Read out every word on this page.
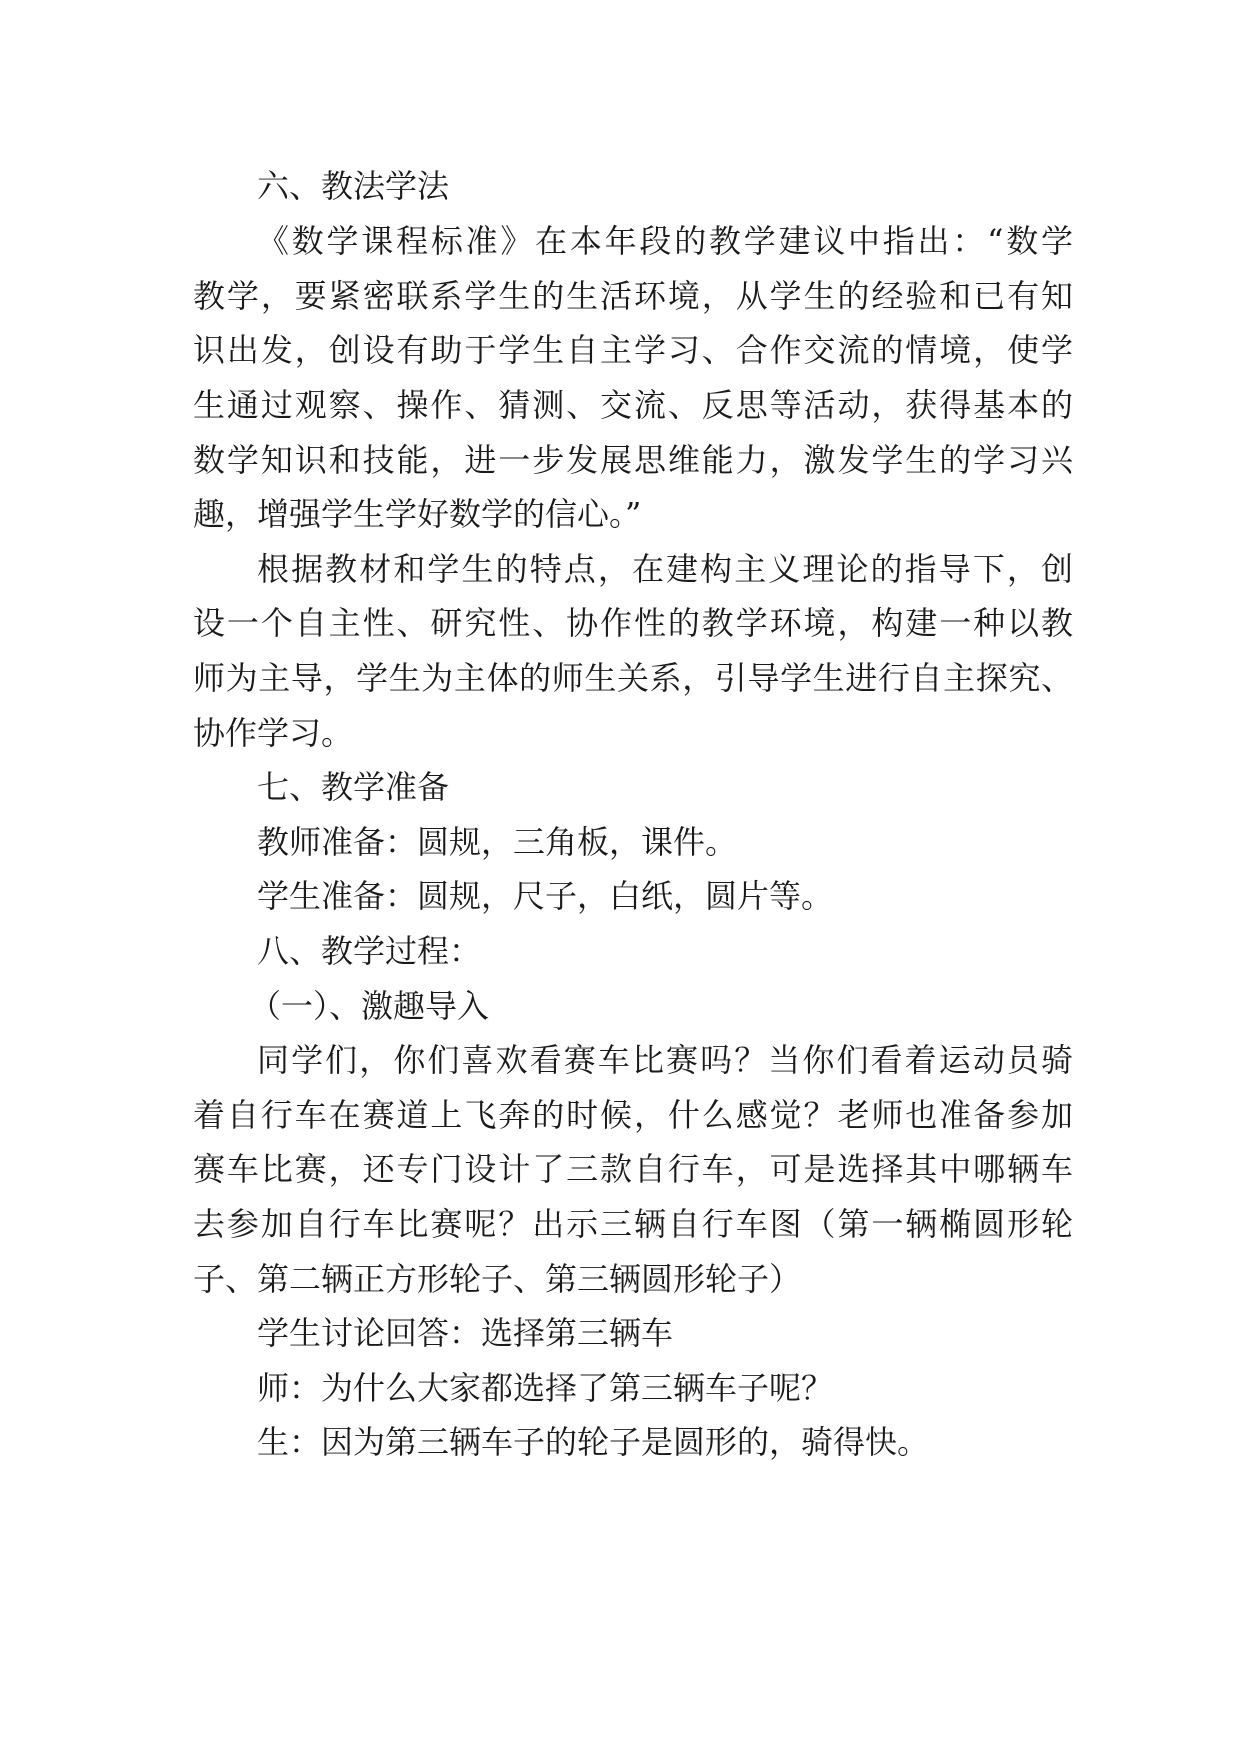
六、教法学法
《数学课程标准》在本年段的教学建议中指出：“数学
教学，要紧密联系学生的生活环境，从学生的经验和已有知
识出发，创设有助于学生自主学习、合作交流的情境，使学
生通过观察、操作、猜测、交流、反思等活动，获得基本的
数学知识和技能，进一步发展思维能力，激发学生的学习兴
趣，增强学生学好数学的信心。”
根据教材和学生的特点，在建构主义理论的指导下，创
设一个自主性、研究性、协作性的教学环境，构建一种以教
师为主导，学生为主体的师生关系，引导学生进行自主探究、
协作学习。
七、教学准备
教师准备：圆规，三角板，课件。
学生准备：圆规，尺子，白纸，圆片等。
八、教学过程：
（一）、激趣导入
同学们，你们喜欢看赛车比赛吗？当你们看着运动员骑
着自行车在赛道上飞奔的时候，什么感觉？老师也准备参加
赛车比赛，还专门设计了三款自行车，可是选择其中哪辆车
去参加自行车比赛呢？出示三辆自行车图（第一辆椭圆形轮
子、第二辆正方形轮子、第三辆圆形轮子）
学生讨论回答：选择第三辆车
师：为什么大家都选择了第三辆车子呢？
生：因为第三辆车子的轮子是圆形的，骑得快。
